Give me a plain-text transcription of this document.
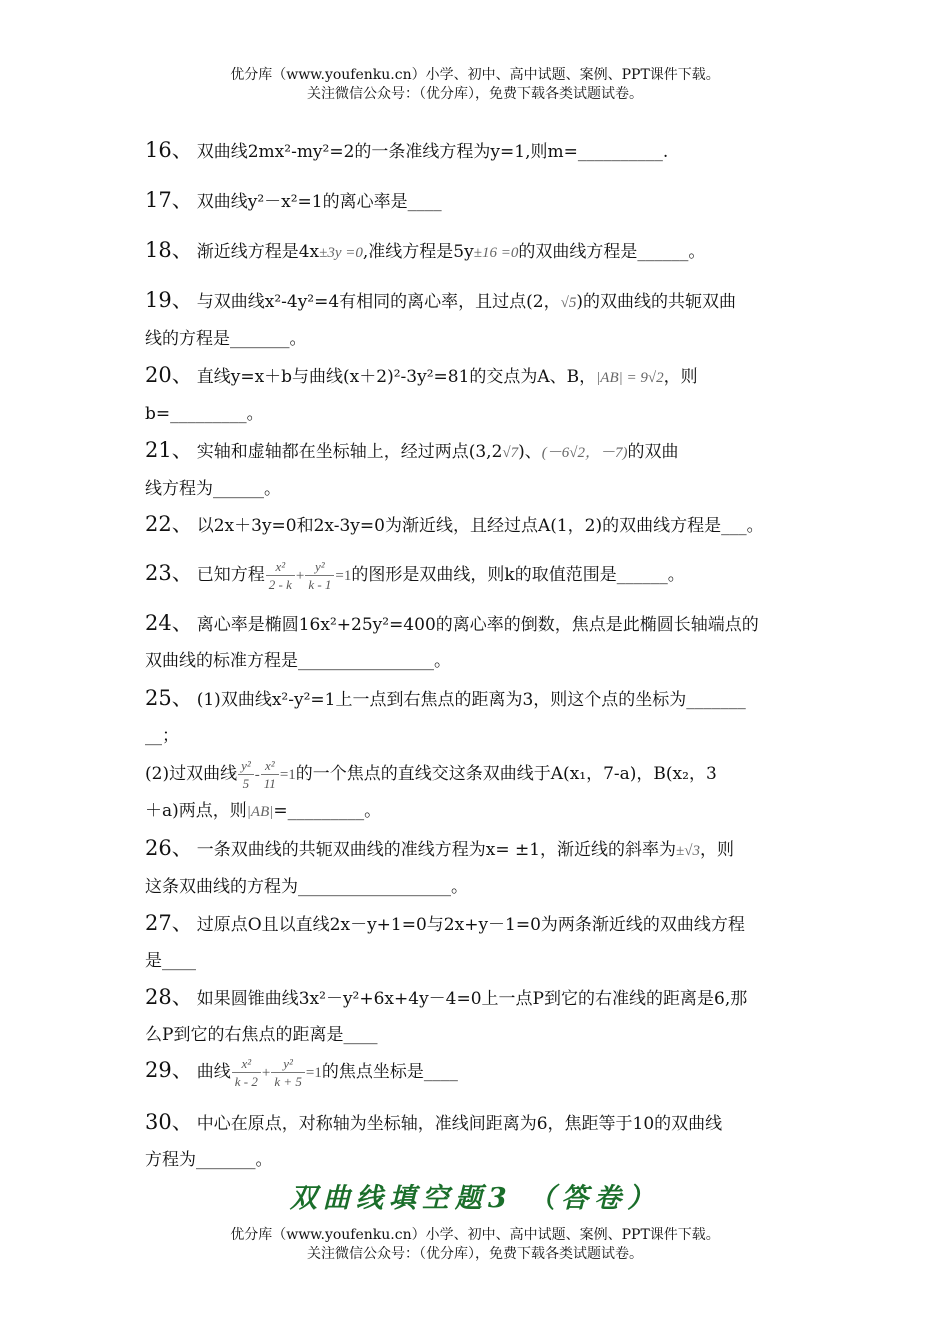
优分库（www.youfenku.cn）小学、初中、高中试题、案例、PPT课件下载。
关注微信公众号：（优分库），免费下载各类试题试卷。
16、 双曲线2mx²-my²=2的一条准线方程为y=1,则m=__________.
17、 双曲线y²－x²=1的离心率是____
18、 渐近线方程是4x±3y =0,准线方程是5y±16 =0的双曲线方程是______。
19、 与双曲线x²-4y²=4有相同的离心率，且过点(2，√5)的双曲线的共轭双曲
线的方程是_______。
20、 直线y=x＋b与曲线(x＋2)²-3y²=81的交点为A、B，|AB| = 9√2，则
b=_________。
21、 实轴和虚轴都在坐标轴上，经过两点(3,2√7)、(－6√2，－7)的双曲
线方程为______。
22、 以2x＋3y=0和2x-3y=0为渐近线，且经过点A(1，2)的双曲线方程是___。
23、 已知方程 $\frac{\text{x²}}{2 - k} + \frac{\text{y²}}{k - 1} =1$的图形是双曲线，则k的取值范围是______。
24、 离心率是椭圆16x²+25y²=400的离心率的倒数，焦点是此椭圆长轴端点的
双曲线的标准方程是________________。
25、 (1)双曲线x²-y²=1上一点到右焦点的距离为3，则这个点的坐标为_______
__；
(2)过双曲线 $\frac{\text{y²}}{5} - \frac{\text{x²}}{11} =1$的一个焦点的直线交这条双曲线于A(x₁，7-a)，B(x₂，3
＋a)两点，则|AB|=_________。
26、 一条双曲线的共轭双曲线的准线方程为x= ±1，渐近线的斜率为±√3，则
这条双曲线的方程为__________________。
27、 过原点O且以直线2x－y+1=0与2x+y－1=0为两条渐近线的双曲线方程
是____
28、 如果圆锥曲线3x²－y²+6x+4y－4=0上一点P到它的右准线的距离是6,那
么P到它的右焦点的距离是____
29、 曲线 $\frac{\text{x²}}{k - 2} + \frac{\text{y²}}{k + 5} =1$的焦点坐标是____
30、 中心在原点，对称轴为坐标轴，准线间距离为6，焦距等于10的双曲线
方程为_______。
双曲线填空题3 （答卷）
优分库（www.youfenku.cn）小学、初中、高中试题、案例、PPT课件下载。
关注微信公众号：（优分库），免费下载各类试题试卷。
